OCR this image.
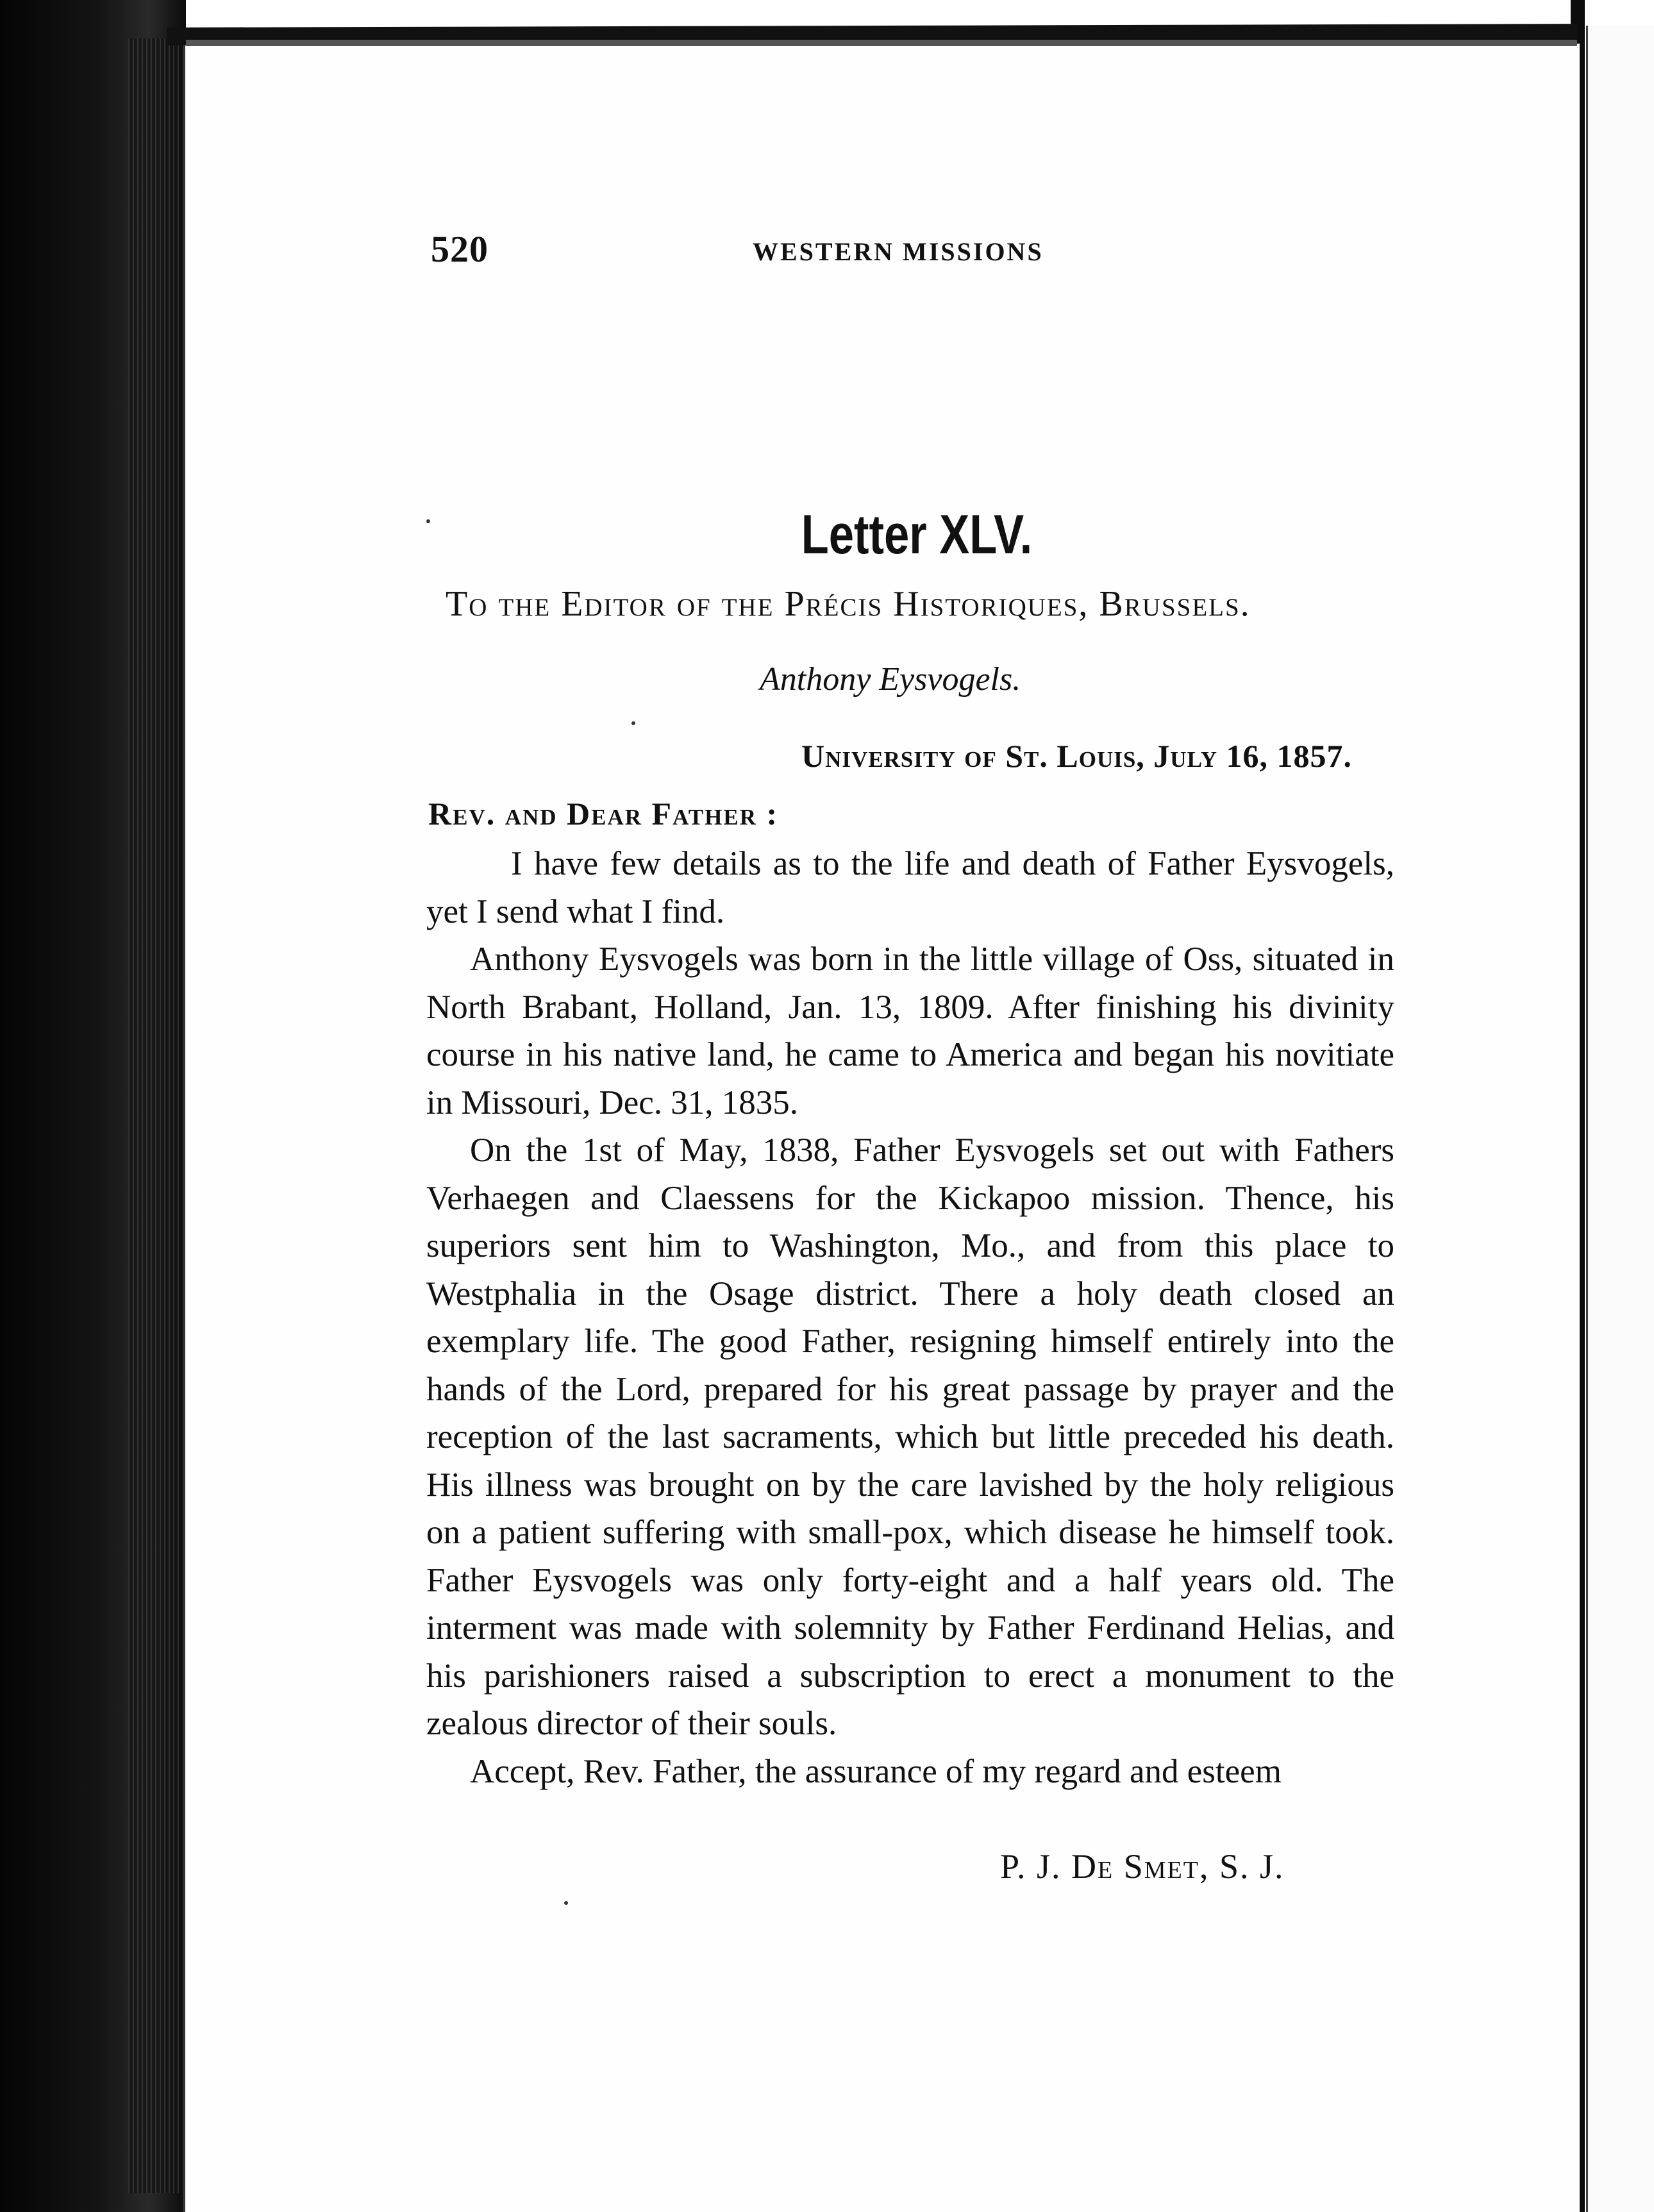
520	WESTERN MISSIONS
Letter XLV.
To the Editor of the Précis Historiques, Brussels.
Anthony Eysvogels.
University of St. Louis, July 16, 1857.
Rev. and Dear Father :

I have few details as to the life and death of Father Eysvogels, yet I send what I find.

Anthony Eysvogels was born in the little village of Oss, situated in North Brabant, Holland, Jan. 13, 1809. After finishing his divinity course in his native land, he came to America and began his novitiate in Missouri, Dec. 31, 1835.

On the 1st of May, 1838, Father Eysvogels set out with Fathers Verhaegen and Claessens for the Kickapoo mission. Thence, his superiors sent him to Washington, Mo., and from this place to Westphalia in the Osage district. There a holy death closed an exemplary life. The good Father, resigning himself entirely into the hands of the Lord, prepared for his great passage by prayer and the reception of the last sacraments, which but little preceded his death. His illness was brought on by the care lavished by the holy religious on a patient suffering with small-pox, which disease he himself took. Father Eysvogels was only forty-eight and a half years old. The interment was made with solemnity by Father Ferdinand Helias, and his parishioners raised a subscription to erect a monument to the zealous director of their souls.

Accept, Rev. Father, the assurance of my regard and esteem

P. J. De Smet, S. J.
